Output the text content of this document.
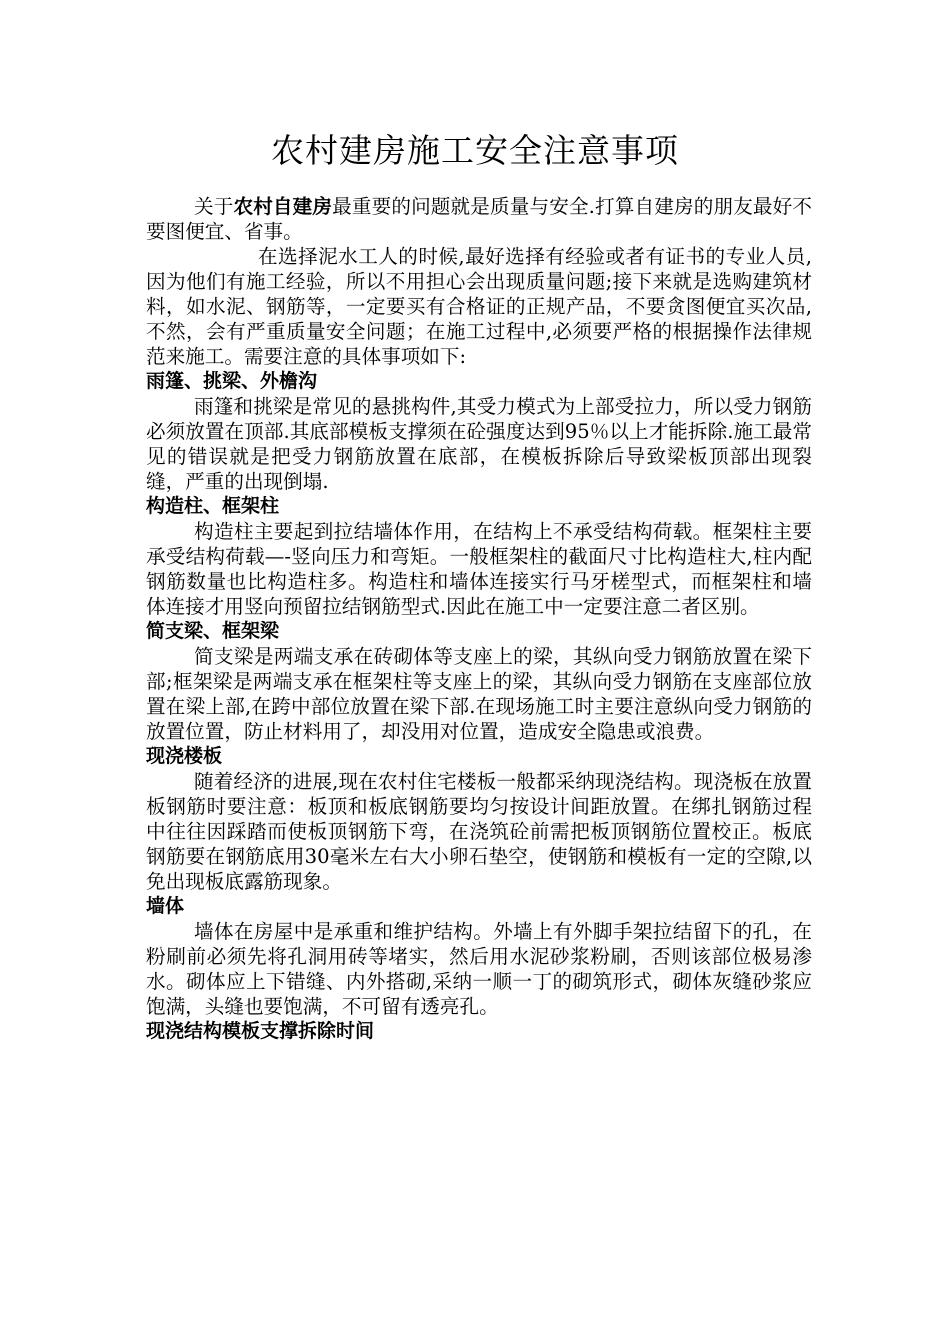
农村建房施工安全注意事项

关于农村自建房最重要的问题就是质量与安全.打算自建房的朋友最好不要图便宜、省事。

在选择泥水工人的时候,最好选择有经验或者有证书的专业人员,因为他们有施工经验，所以不用担心会出现质量问题;接下来就是选购建筑材料，如水泥、钢筋等，一定要买有合格证的正规产品，不要贪图便宜买次品,不然，会有严重质量安全问题；在施工过程中,必须要严格的根据操作法律规范来施工。需要注意的具体事项如下:

雨篷、挑梁、外檐沟

雨篷和挑梁是常见的悬挑构件,其受力模式为上部受拉力，所以受力钢筋必须放置在顶部.其底部模板支撑须在砼强度达到95％以上才能拆除.施工最常见的错误就是把受力钢筋放置在底部，在模板拆除后导致梁板顶部出现裂缝，严重的出现倒塌.

构造柱、框架柱

构造柱主要起到拉结墙体作用，在结构上不承受结构荷载。框架柱主要承受结构荷载—-竖向压力和弯矩。一般框架柱的截面尺寸比构造柱大,柱内配钢筋数量也比构造柱多。构造柱和墙体连接实行马牙槎型式，而框架柱和墙体连接才用竖向预留拉结钢筋型式.因此在施工中一定要注意二者区别。

简支梁、框架梁

简支梁是两端支承在砖砌体等支座上的梁，其纵向受力钢筋放置在梁下部;框架梁是两端支承在框架柱等支座上的梁，其纵向受力钢筋在支座部位放置在梁上部,在跨中部位放置在梁下部.在现场施工时主要注意纵向受力钢筋的放置位置，防止材料用了，却没用对位置，造成安全隐患或浪费。

现浇楼板

随着经济的进展,现在农村住宅楼板一般都采纳现浇结构。现浇板在放置板钢筋时要注意：板顶和板底钢筋要均匀按设计间距放置。在绑扎钢筋过程中往往因踩踏而使板顶钢筋下弯，在浇筑砼前需把板顶钢筋位置校正。板底钢筋要在钢筋底用30毫米左右大小卵石垫空，使钢筋和模板有一定的空隙,以免出现板底露筋现象。

墙体

墙体在房屋中是承重和维护结构。外墙上有外脚手架拉结留下的孔，在粉刷前必须先将孔洞用砖等堵实，然后用水泥砂浆粉刷，否则该部位极易渗水。砌体应上下错缝、内外搭砌,采纳一顺一丁的砌筑形式，砌体灰缝砂浆应饱满，头缝也要饱满，不可留有透亮孔。

现浇结构模板支撑拆除时间
